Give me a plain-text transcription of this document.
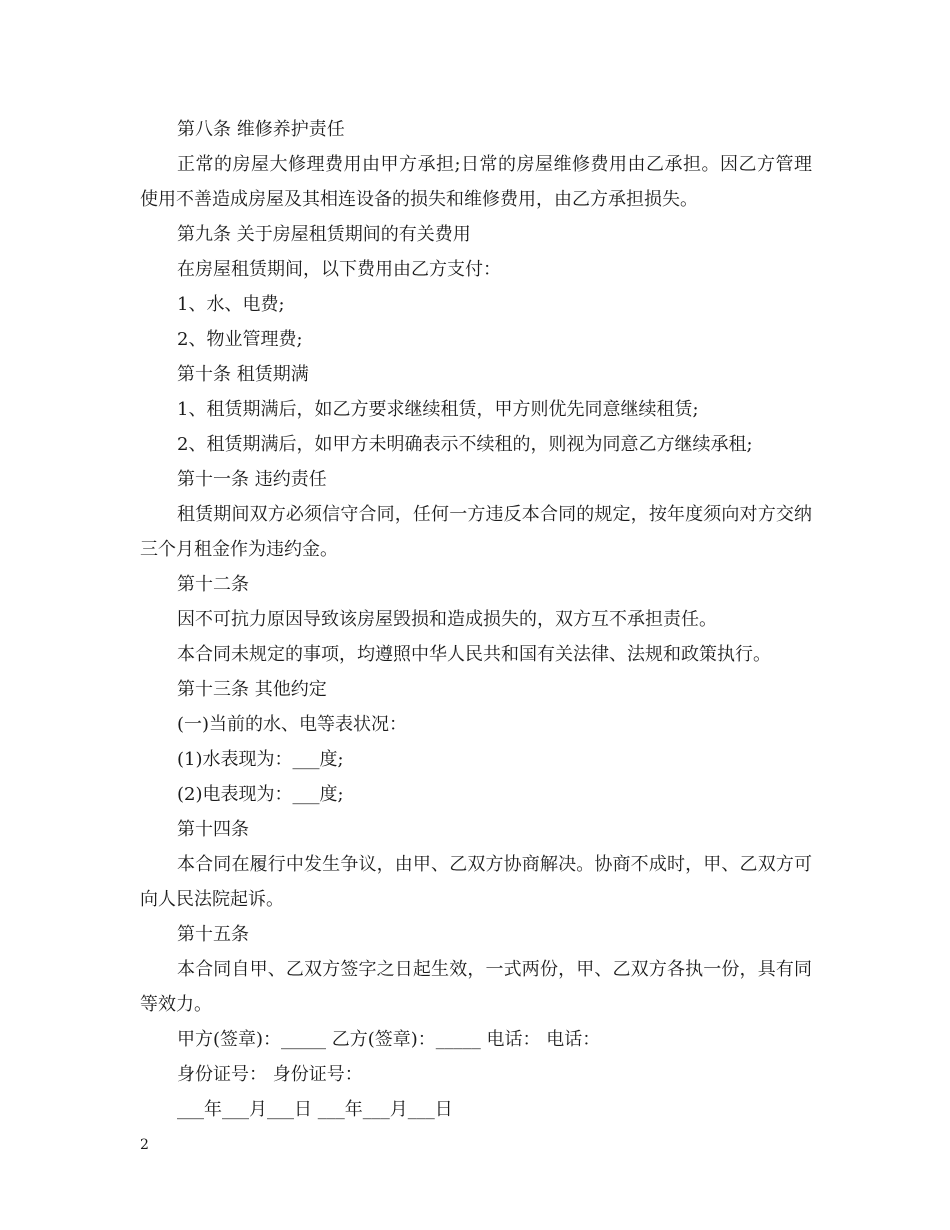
第八条 维修养护责任

正常的房屋大修理费用由甲方承担;日常的房屋维修费用由乙承担。因乙方管理使用不善造成房屋及其相连设备的损失和维修费用，由乙方承担损失。

第九条 关于房屋租赁期间的有关费用

在房屋租赁期间，以下费用由乙方支付：

1、水、电费;

2、物业管理费;

第十条 租赁期满

1、租赁期满后，如乙方要求继续租赁，甲方则优先同意继续租赁;

2、租赁期满后，如甲方未明确表示不续租的，则视为同意乙方继续承租;

第十一条 违约责任

租赁期间双方必须信守合同，任何一方违反本合同的规定，按年度须向对方交纳三个月租金作为违约金。

第十二条

因不可抗力原因导致该房屋毁损和造成损失的，双方互不承担责任。

本合同未规定的事项，均遵照中华人民共和国有关法律、法规和政策执行。

第十三条 其他约定

(一)当前的水、电等表状况：

(1)水表现为：___度;

(2)电表现为：___度;

第十四条

本合同在履行中发生争议，由甲、乙双方协商解决。协商不成时，甲、乙双方可向人民法院起诉。

第十五条

本合同自甲、乙双方签字之日起生效，一式两份，甲、乙双方各执一份，具有同等效力。

甲方(签章)：_____ 乙方(签章)：_____ 电话： 电话：

身份证号： 身份证号：

___年___月___日 ___年___月___日

2
